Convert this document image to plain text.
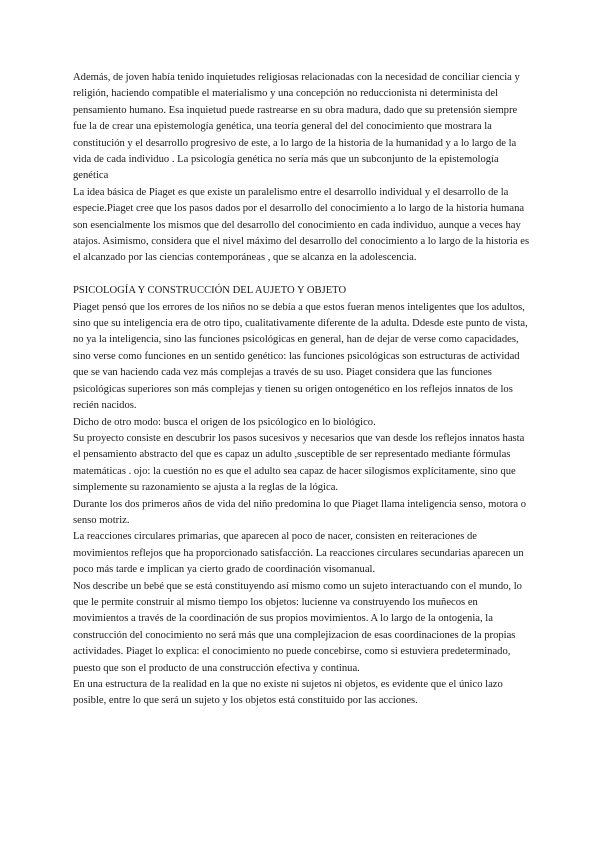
Además, de joven había tenido inquietudes religiosas relacionadas con la necesidad de conciliar ciencia y religión, haciendo compatible el materialismo y una concepción no reduccionista ni determinista del pensamiento humano. Esa inquietud puede rastrearse en su obra madura, dado que su pretensión siempre fue la de crear una epistemología genética, una teoría general del del conocimiento que mostrara la constitución y el desarrollo progresivo de este, a lo largo de la historia de la humanidad y a lo largo de la vida de cada individuo . La psicología genética no sería más que un subconjunto de la epistemología genética

La idea básica de Piaget es que existe un paralelismo entre el desarrollo individual y el desarrollo de la especie.Piaget cree que los pasos dados por el desarrollo del conocimiento a lo largo de la historia humana son esencialmente los mismos que del desarrollo del conocimiento en cada individuo, aunque a veces hay atajos. Asimismo, considera que el nivel máximo del desarrollo del conocimiento a lo largo de la historia es el alcanzado por las ciencias contemporáneas , que se alcanza en la adolescencia.

PSICOLOGÍA Y CONSTRUCCIÓN DEL AUJETO Y OBJETO

Piaget pensó que los errores de los niños no se debía a que estos fueran menos inteligentes que los adultos, sino que su inteligencia era de otro tipo, cualitativamente diferente de la adulta. Ddesde este punto de vista, no ya la inteligencia, sino las funciones psicológicas en general, han de dejar de verse como capacidades, sino verse como funciones en un sentido genético: las funciones psicológicas son estructuras de actividad que se van haciendo cada vez más complejas a través de su uso. Piaget considera que las funciones psicológicas superiores son más complejas y tienen su origen ontogenético en los reflejos innatos de los recién nacidos.

Dicho de otro modo: busca el origen de los psicólogico en lo biológico.

Su proyecto consiste en descubrir los pasos sucesivos y necesarios que van desde los reflejos innatos hasta el pensamiento abstracto del que es capaz un adulto ,susceptible de ser representado mediante fórmulas matemáticas . ojo: la cuestión no es que el adulto sea capaz de hacer silogismos explícitamente, sino que simplemente su razonamiento se ajusta a la reglas de la lógica.

Durante los dos primeros años de vida del niño predomina lo que Piaget llama inteligencia senso, motora o senso motriz.

La reacciones circulares primarias, que aparecen al poco de nacer, consisten en reiteraciones de movimientos reflejos que ha proporcionado satisfacción. La reacciones circulares secundarias aparecen un poco más tarde e implican ya cierto grado de coordinación visomanual.

Nos describe un bebé que se está constituyendo así mismo como un sujeto interactuando con el mundo, lo que le permite construir al mismo tiempo los objetos: lucienne va construyendo los muñecos en movimientos a través de la coordinación de sus propios movimientos. A lo largo de la ontogenia, la construcción del conocimiento no será más que una complejizacion de esas coordinaciones de la propias actividades. Piaget lo explica: el conocimiento no puede concebirse, como si estuviera predeterminado, puesto que son el producto de una construcción efectiva y continua.

En una estructura de la realidad en la que no existe ni sujetos ni objetos, es evidente que el único lazo posible, entre lo que será un sujeto y los objetos está constituido por las acciones.
